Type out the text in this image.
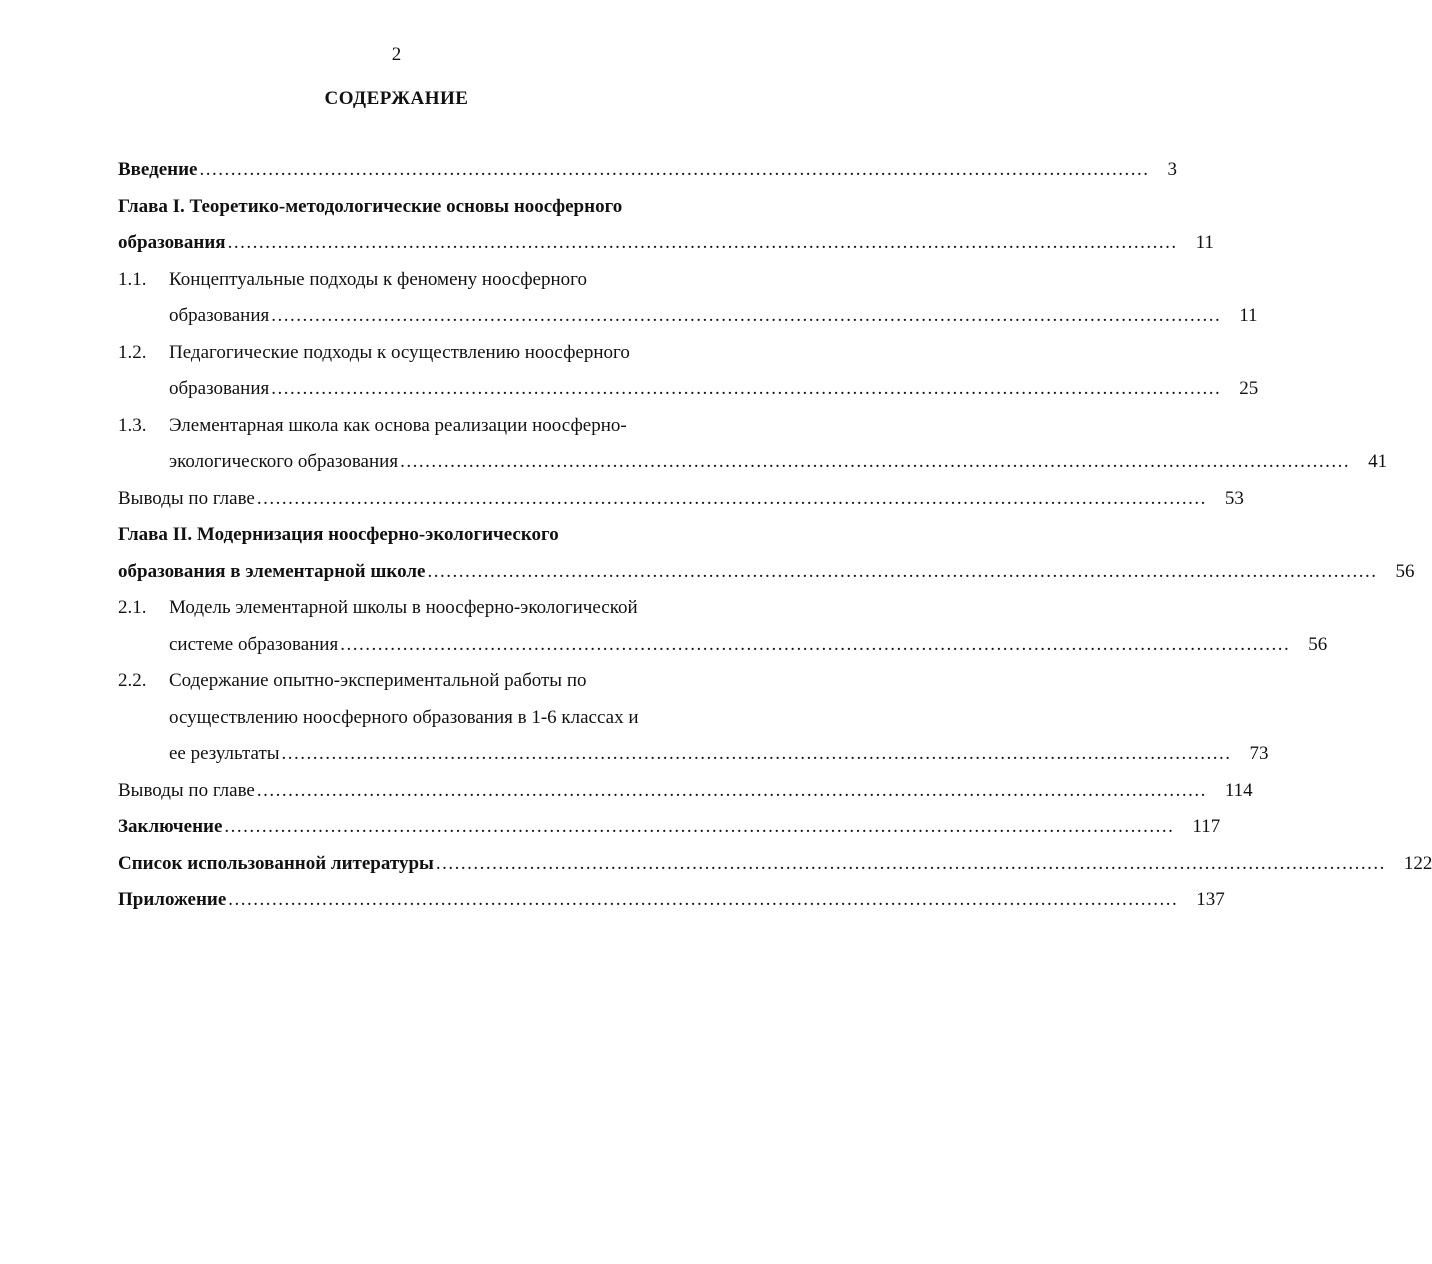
2
СОДЕРЖАНИЕ
Введение ........................................................................................................................................................ 3
Глава I. Теоретико-методологические основы ноосферного
образования ........................................................................................................................................................ 11
1.1.	Концептуальные подходы к феномену ноосферного
образования ........................................................................................................................................................ 11
1.2.	Педагогические подходы к осуществлению ноосферного
образования ........................................................................................................................................................ 25
1.3.	Элементарная школа как основа реализации ноосферно-
экологического образования ........................................................................................................................................................ 41
Выводы по главе ........................................................................................................................................................ 53
Глава II. Модернизация ноосферно-экологического
образования в элементарной школе ........................................................................................................................................................ 56
2.1.	Модель элементарной школы в ноосферно-экологической
системе образования ........................................................................................................................................................ 56
2.2.	Содержание опытно-экспериментальной работы по
осуществлению ноосферного образования в 1-6 классах и
ее результаты ........................................................................................................................................................ 73
Выводы по главе ........................................................................................................................................................ 114
Заключение ........................................................................................................................................................ 117
Список использованной литературы ........................................................................................................................................................ 122
Приложение ........................................................................................................................................................ 137
